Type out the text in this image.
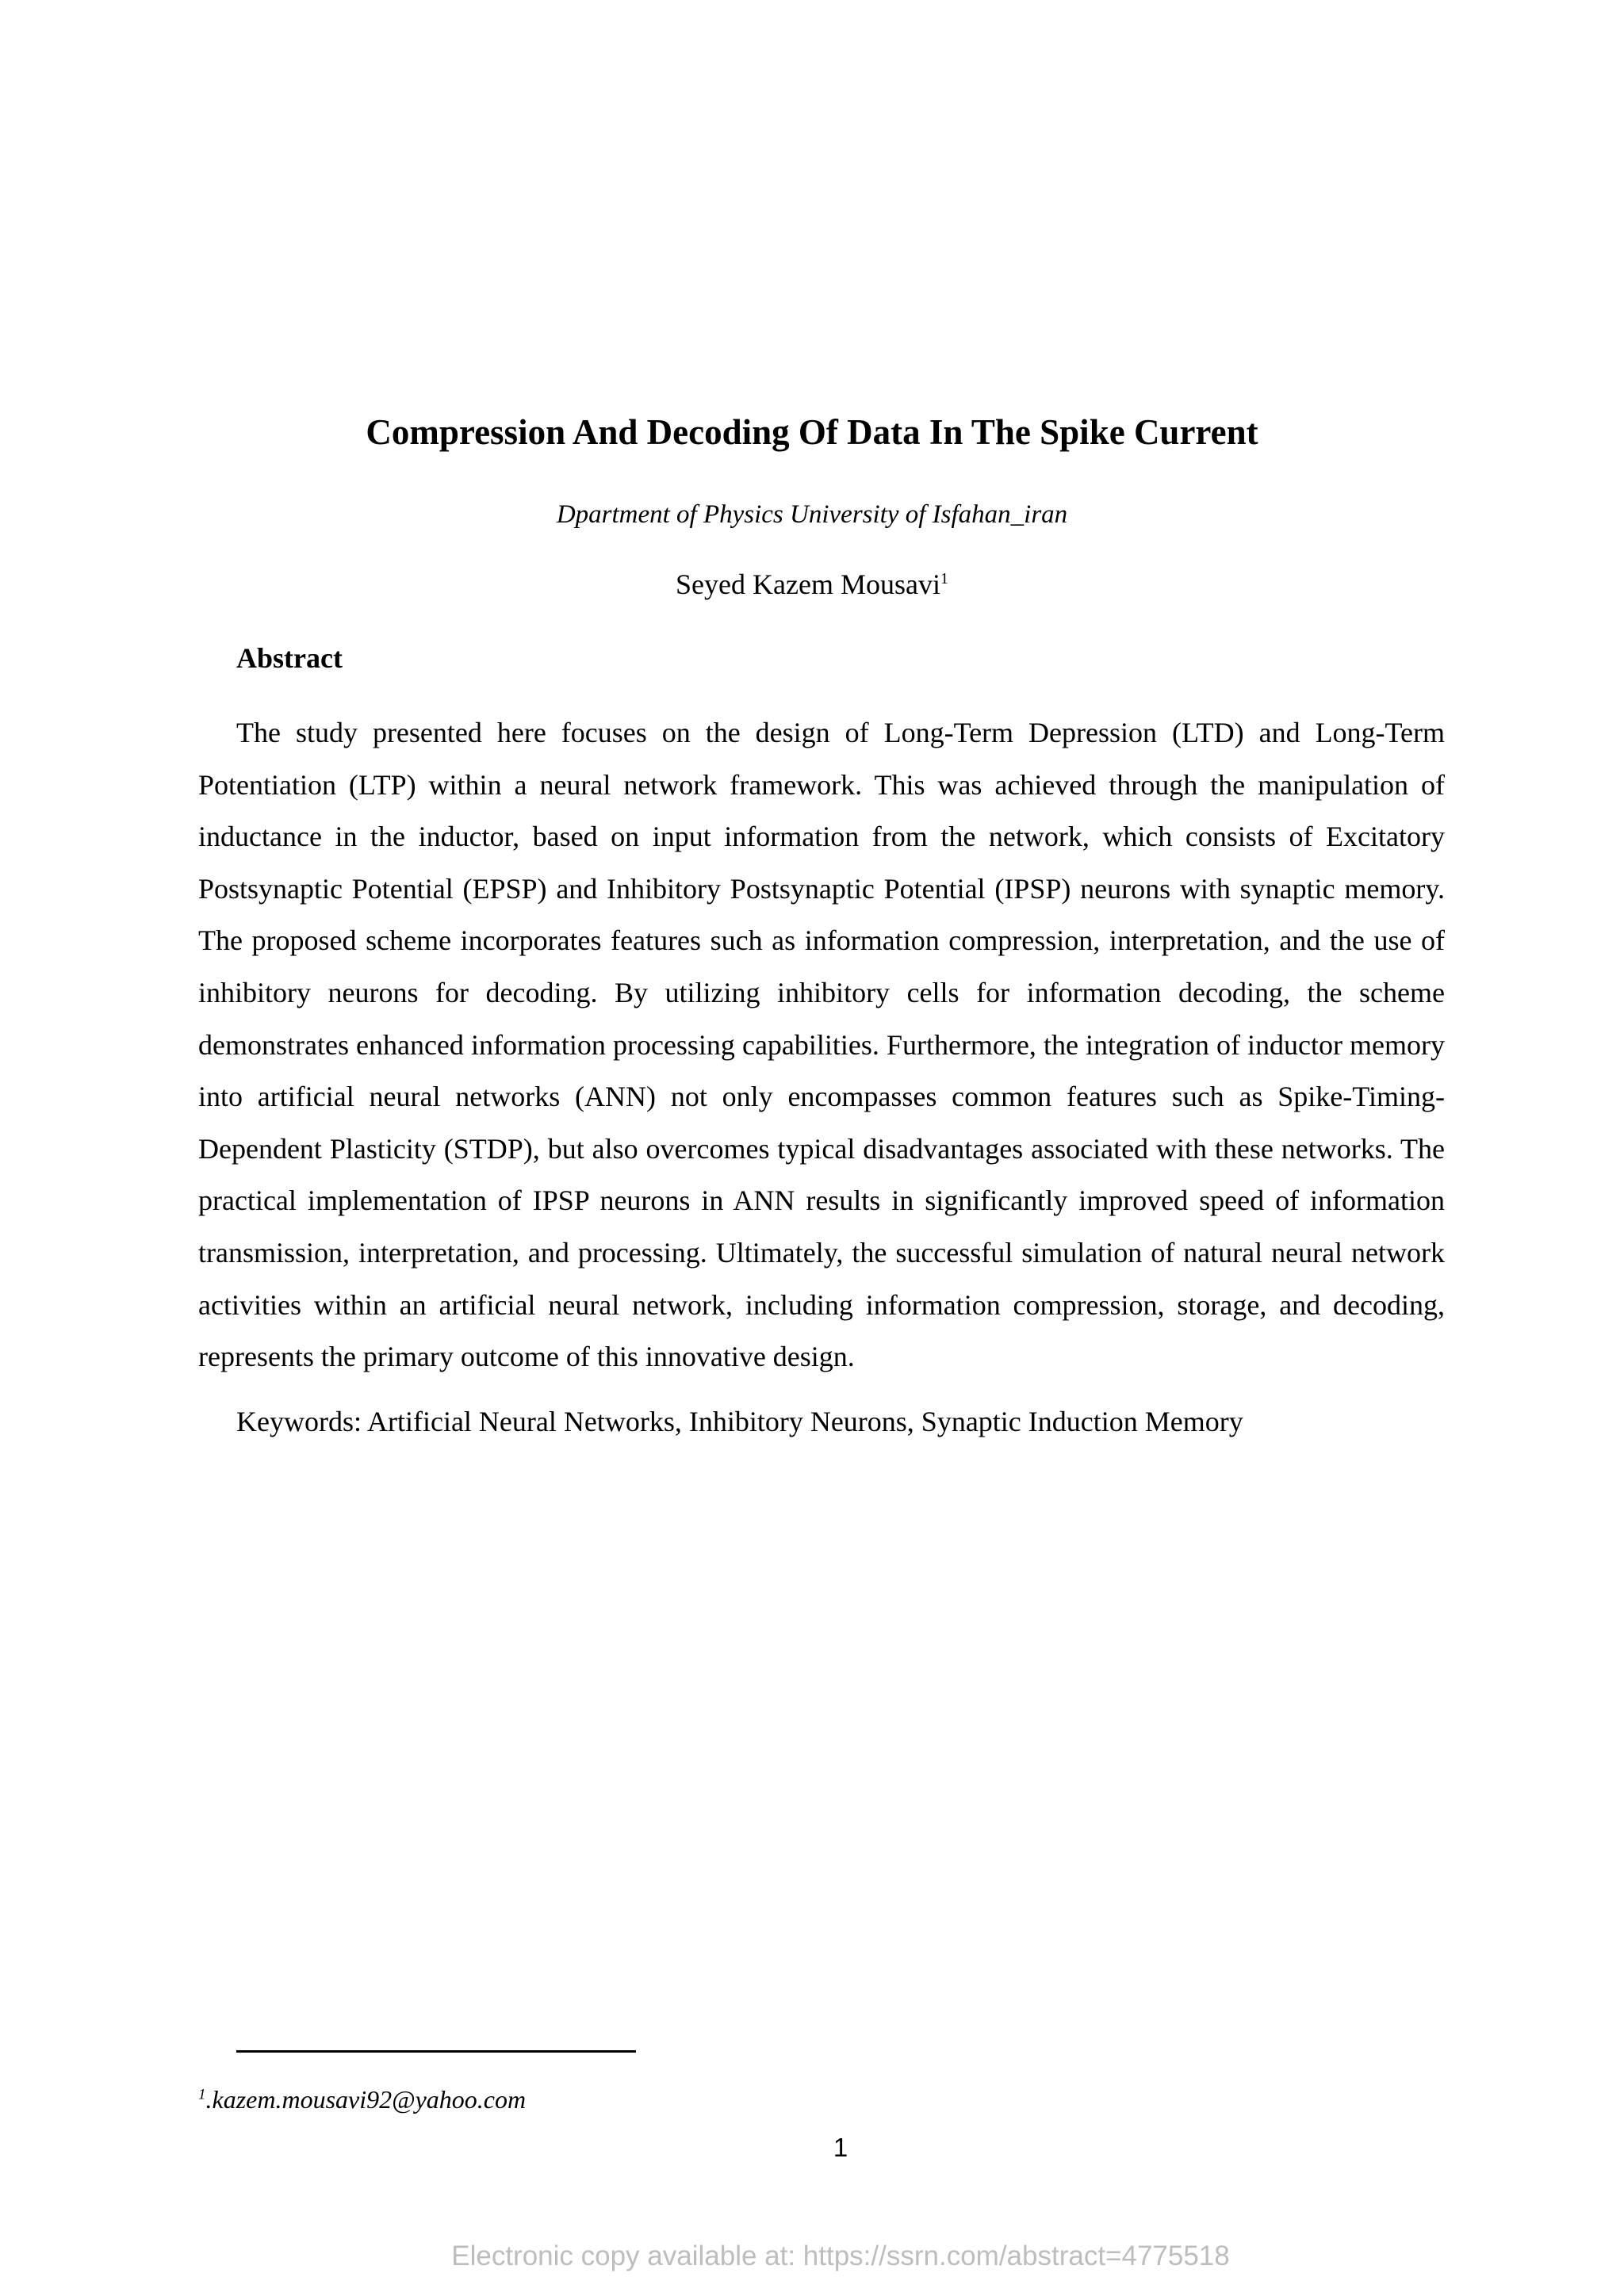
Compression And Decoding Of Data In The Spike Current
Dpartment of Physics University of Isfahan_iran
Seyed Kazem Mousavi$^1$
Abstract

The study presented here focuses on the design of Long-Term Depression (LTD) and Long-Term Potentiation (LTP) within a neural network framework. This was achieved through the manipulation of inductance in the inductor, based on input information from the network, which consists of Excitatory Postsynaptic Potential (EPSP) and Inhibitory Postsynaptic Potential (IPSP) neurons with synaptic memory. The proposed scheme incorporates features such as information compression, interpretation, and the use of inhibitory neurons for decoding. By utilizing inhibitory cells for information decoding, the scheme demonstrates enhanced information processing capabilities. Furthermore, the integration of inductor memory into artificial neural networks (ANN) not only encompasses common features such as Spike-Timing-Dependent Plasticity (STDP), but also overcomes typical disadvantages associated with these networks. The practical implementation of IPSP neurons in ANN results in significantly improved speed of information transmission, interpretation, and processing. Ultimately, the successful simulation of natural neural network activities within an artificial neural network, including information compression, storage, and decoding, represents the primary outcome of this innovative design.

Keywords: Artificial Neural Networks, Inhibitory Neurons, Synaptic Induction Memory
$^1$.kazem.mousavi92@yahoo.com
1
Electronic copy available at: https://ssrn.com/abstract=4775518
